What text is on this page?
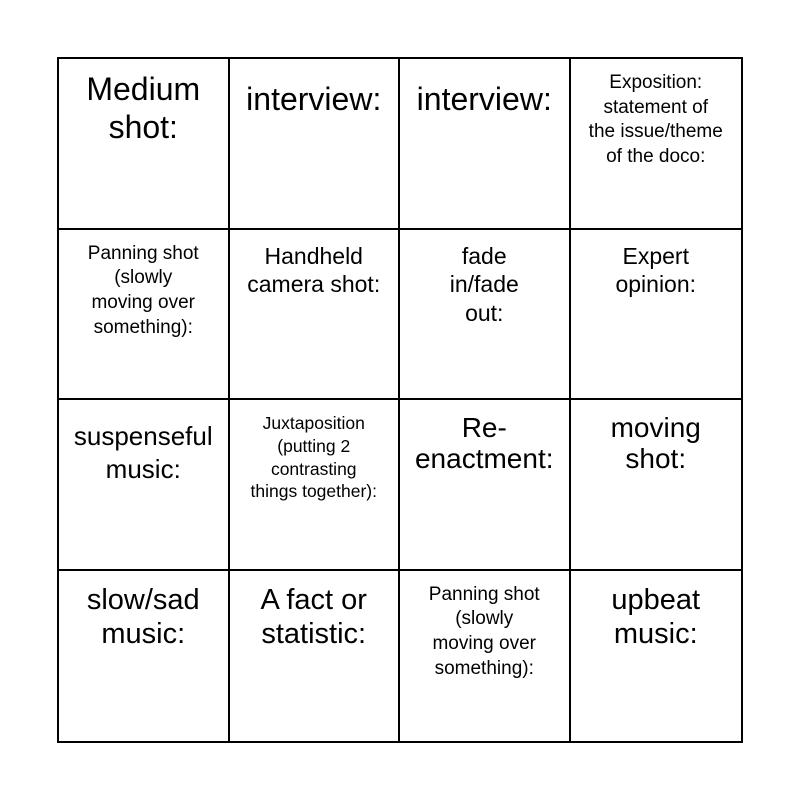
Medium
shot:
interview: interview:	Exposition:
statement of
the issue/theme
of the doco:
Panning shot
(slowly
moving over
something):
Handheld
camera shot:
fade
in/fade
out:
Expert
opinion:
suspenseful
music:
Juxtaposition
(putting 2
contrasting
things together):
Re-
enactment:
moving
shot:
slow/sad
music:
A fact or
statistic:
Panning shot
(slowly
moving over
something):
upbeat
music:
